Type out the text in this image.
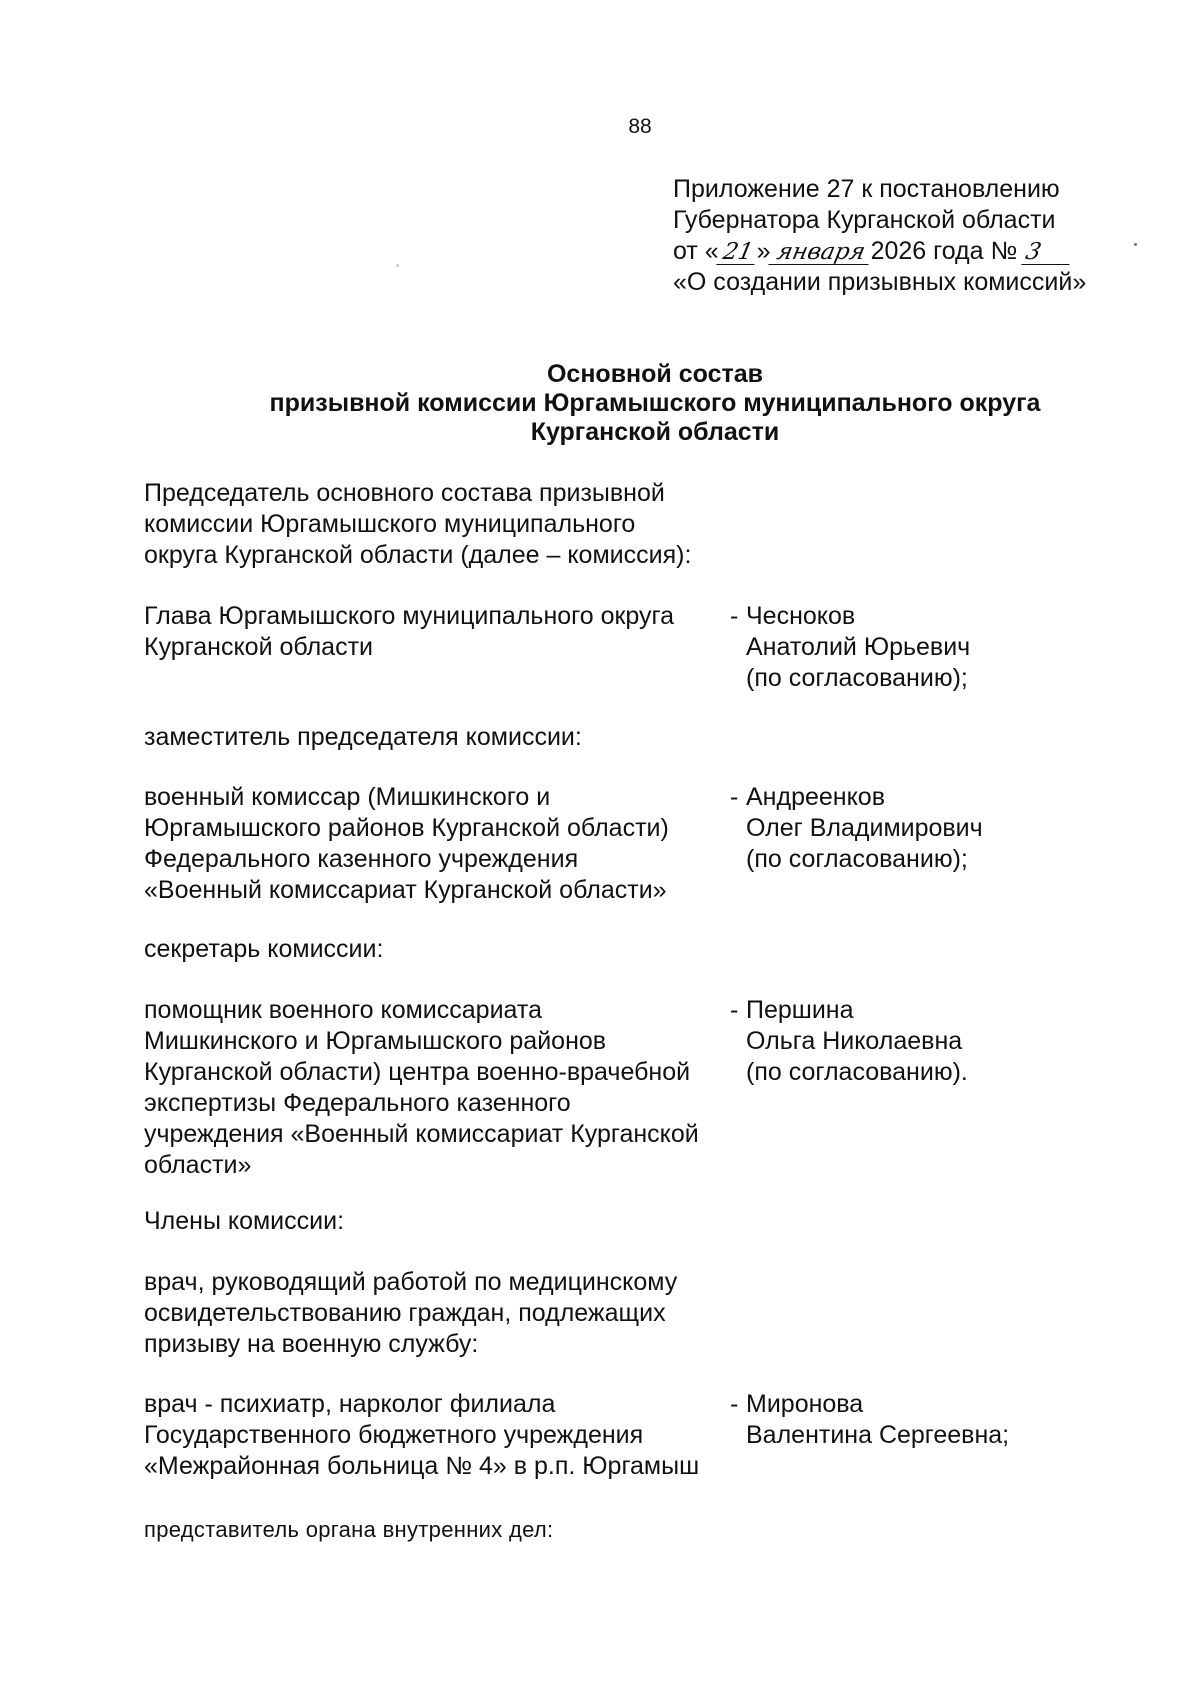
88
Приложение 27 к постановлению
Губернатора Курганской области
от «21» января 2026 года № 3
«О создании призывных комиссий»
Основной состав
призывной комиссии Юргамышского муниципального округа
Курганской области
Председатель основного состава призывной
комиссии Юргамышского муниципального
округа Курганской области (далее – комиссия):
Глава Юргамышского муниципального округа
Курганской области
- Чесноков
Анатолий Юрьевич
(по согласованию);
заместитель председателя комиссии:
военный комиссар (Мишкинского и
Юргамышского районов Курганской области)
Федерального казенного учреждения
«Военный комиссариат Курганской области»
- Андреенков
Олег Владимирович
(по согласованию);
секретарь комиссии:
помощник военного комиссариата
Мишкинского и Юргамышского районов
Курганской области) центра военно-врачебной
экспертизы Федерального казенного
учреждения «Военный комиссариат Курганской
области»
- Першина
Ольга Николаевна
(по согласованию).
Члены комиссии:
врач, руководящий работой по медицинскому
освидетельствованию граждан, подлежащих
призыву на военную службу:
врач - психиатр, нарколог филиала
Государственного бюджетного учреждения
«Межрайонная больница № 4» в р.п. Юргамыш
- Миронова
Валентина Сергеевна;
представитель органа внутренних дел:
